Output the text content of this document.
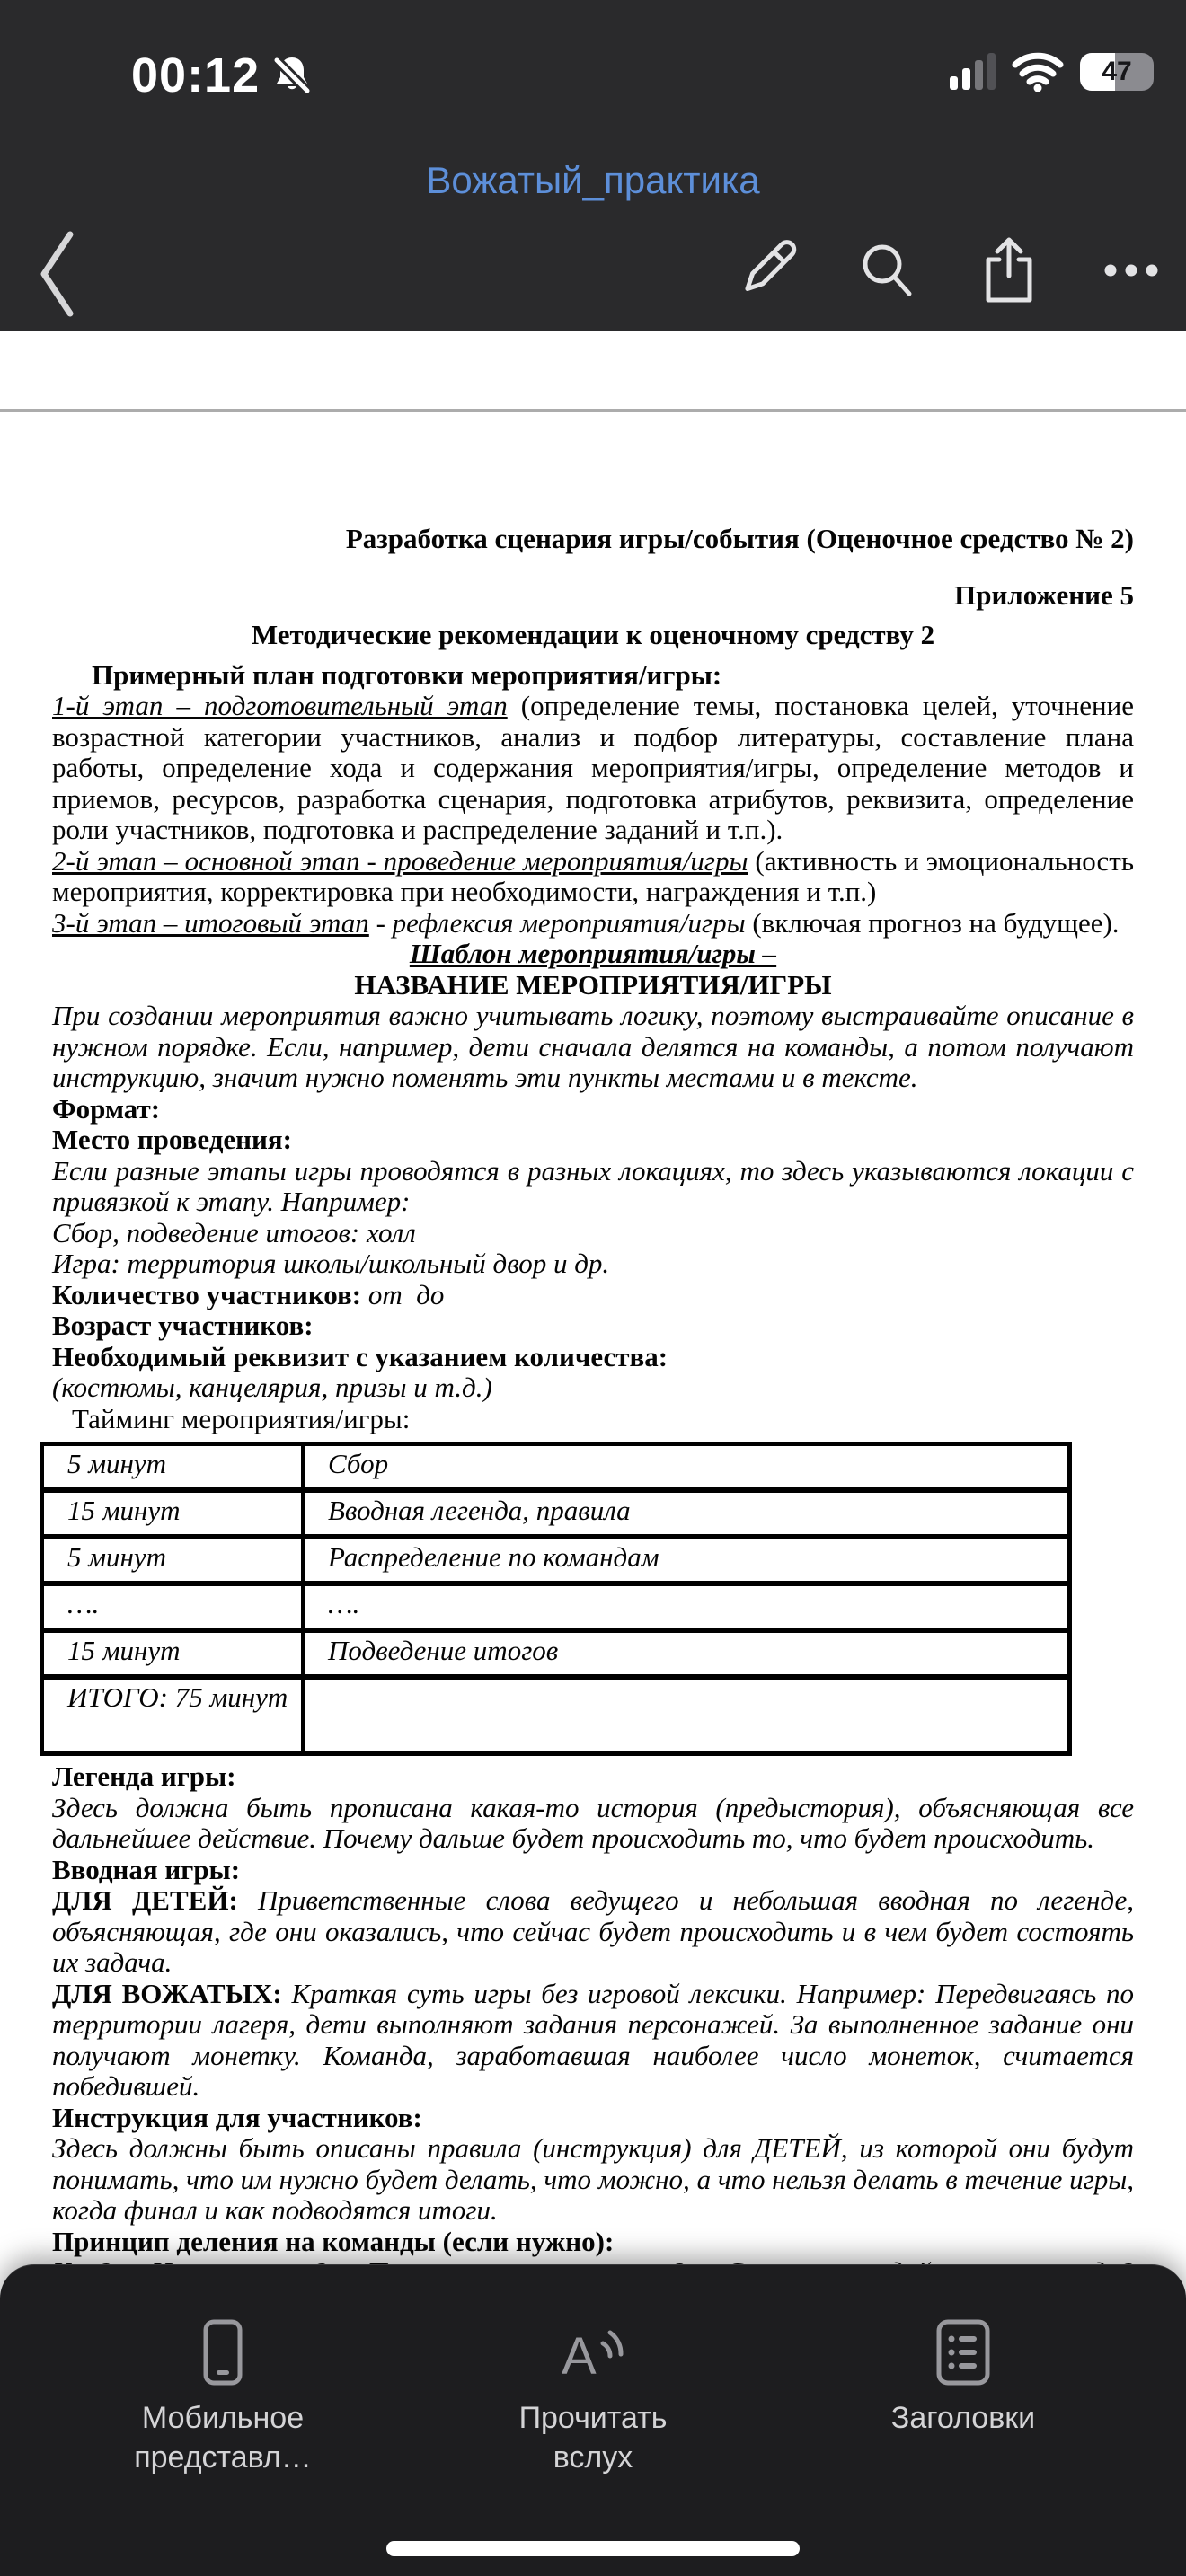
00:12	47
Вожатый_практика

Разработка сценария игры/события (Оценочное средство № 2)

Приложение 5

Методические рекомендации к оценочному средству 2

Примерный план подготовки мероприятия/игры:

1-й этап – подготовительный этап (определение темы, постановка целей, уточнение возрастной категории участников, анализ и подбор литературы, составление плана работы, определение хода и содержания мероприятия/игры, определение методов и приемов, ресурсов, разработка сценария, подготовка атрибутов, реквизита, определение роли участников, подготовка и распределение заданий и т.п.).

2-й этап – основной этап - проведение мероприятия/игры (активность и эмоциональность мероприятия, корректировка при необходимости, награждения и т.п.)

3-й этап – итоговый этап - рефлексия мероприятия/игры (включая прогноз на будущее).

Шаблон мероприятия/игры –

НАЗВАНИЕ МЕРОПРИЯТИЯ/ИГРЫ

При создании мероприятия важно учитывать логику, поэтому выстраивайте описание в нужном порядке. Если, например, дети сначала делятся на команды, а потом получают инструкцию, значит нужно поменять эти пункты местами и в тексте.

Формат:

Место проведения:

Если разные этапы игры проводятся в разных локациях, то здесь указываются локации с привязкой к этапу. Например:

Сбор, подведение итогов: холл

Игра: территория школы/школьный двор и др.

Количество участников: от  до

Возраст участников:

Необходимый реквизит с указанием количества:

(костюмы, канцелярия, призы и т.д.)

Тайминг мероприятия/игры:

5 минут	Сбор
15 минут	Вводная легенда, правила
5 минут	Распределение по командам
….	….
15 минут	Подведение итогов
ИТОГО: 75 минут	

Легенда игры:

Здесь должна быть прописана какая-то история (предыстория), объясняющая все дальнейшее действие. Почему дальше будет происходить то, что будет происходить.

Вводная игры:

ДЛЯ ДЕТЕЙ: Приветственные слова ведущего и небольшая вводная по легенде, объясняющая, где они оказались, что сейчас будет происходить и в чем будет состоять их задача.

ДЛЯ ВОЖАТЫХ: Краткая суть игры без игровой лексики. Например: Передвигаясь по территории лагеря, дети выполняют задания персонажей. За выполненное задание они получают монетку. Команда, заработавшая наиболее число монеток, считается победившей.

Инструкция для участников:

Здесь должны быть описаны правила (инструкция) для ДЕТЕЙ, из которой они будут понимать, что им нужно будет делать, что можно, а что нельзя делать в течение игры, когда финал и как подводятся итоги.

Принцип деления на команды (если нужно):

Мобильное представл…
A
Прочитать вслух
Заголовки
